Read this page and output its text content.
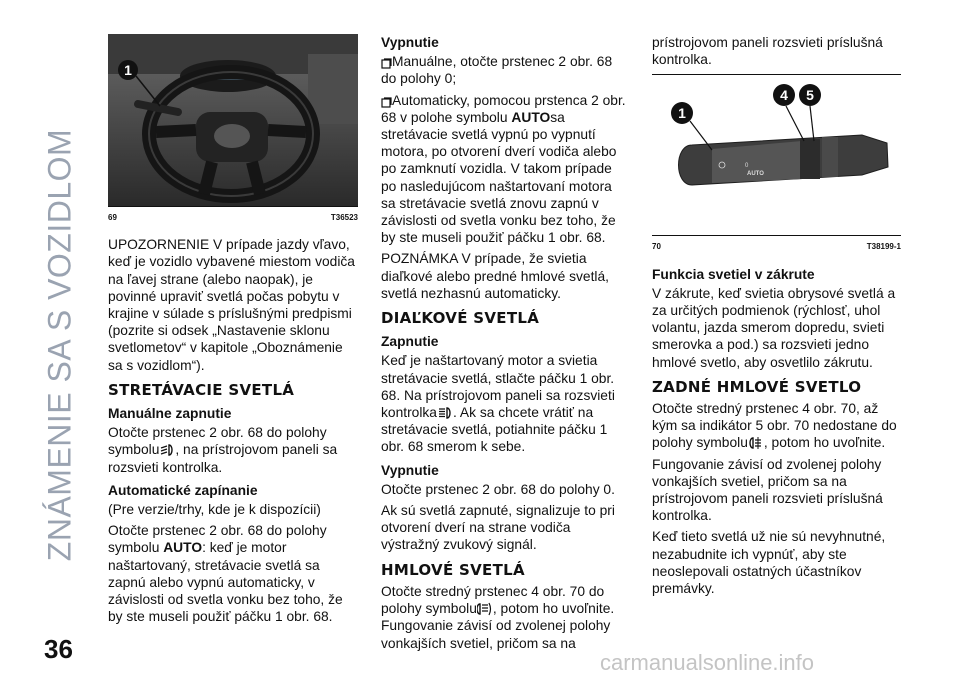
ZNÁMENIE SA S VOZIDLOM
36
1
69	T36523

UPOZORNENIE V prípade jazdy vľavo, keď je vozidlo vybavené miestom vodiča na ľavej strane (alebo naopak), je povinné upraviť svetlá počas pobytu v krajine v súlade s príslušnými predpismi (pozrite si odsek „Nastavenie sklonu svetlometov“ v kapitole „Oboznámenie sa s vozidlom“).

STRETÁVACIE SVETLÁ
Manuálne zapnutie

Otočte prstenec 2 obr. 68 do polohy symbolu , na prístrojovom paneli sa rozsvieti kontrolka.

Automatické zapínanie

(Pre verzie/trhy, kde je k dispozícii)

Otočte prstenec 2 obr. 68 do polohy symbolu AUTO: keď je motor naštartovaný, stretávacie svetlá sa zapnú alebo vypnú automaticky, v závislosti od svetla vonku bez toho, že by ste museli použiť páčku 1 obr. 68.

Vypnutie

Manuálne, otočte prstenec 2 obr. 68 do polohy 0;

Automaticky, pomocou prstenca 2 obr. 68 v polohe symbolu AUTOsa stretávacie svetlá vypnú po vypnutí motora, po otvorení dverí vodiča alebo po zamknutí vozidla. V takom prípade po nasledujúcom naštartovaní motora sa stretávacie svetlá znovu zapnú v závislosti od svetla vonku bez toho, že by ste museli použiť páčku 1 obr. 68.

POZNÁMKA V prípade, že svietia diaľkové alebo predné hmlové svetlá, svetlá nezhasnú automaticky.

DIAĽKOVÉ SVETLÁ
Zapnutie

Keď je naštartovaný motor a svietia stretávacie svetlá, stlačte páčku 1 obr. 68. Na prístrojovom paneli sa rozsvieti kontrolka . Ak sa chcete vrátiť na stretávacie svetlá, potiahnite páčku 1 obr. 68 smerom k sebe.

Vypnutie

Otočte prstenec 2 obr. 68 do polohy 0.

Ak sú svetlá zapnuté, signalizuje to pri otvorení dverí na strane vodiča výstražný zvukový signál.

HMLOVÉ SVETLÁ

Otočte stredný prstenec 4 obr. 70 do polohy symbolu , potom ho uvoľnite. Fungovanie závisí od zvolenej polohy vonkajších svetiel, pričom sa na

prístrojovom paneli rozsvieti príslušná kontrolka.

AUTO
0
1
4 5
70	T38199-1
Funkcia svetiel v zákrute

V zákrute, keď svietia obrysové svetlá a za určitých podmienok (rýchlosť, uhol volantu, jazda smerom dopredu, svieti smerovka a pod.) sa rozsvieti jedno hmlové svetlo, aby osvetlilo zákrutu.

ZADNÉ HMLOVÉ SVETLO

Otočte stredný prstenec 4 obr. 70, až kým sa indikátor 5 obr. 70 nedostane do polohy symbolu , potom ho uvoľnite.

Fungovanie závisí od zvolenej polohy vonkajších svetiel, pričom sa na prístrojovom paneli rozsvieti príslušná kontrolka.

Keď tieto svetlá už nie sú nevyhnutné, nezabudnite ich vypnúť, aby ste neoslepovali ostatných účastníkov premávky.

carmanualsonline.info
